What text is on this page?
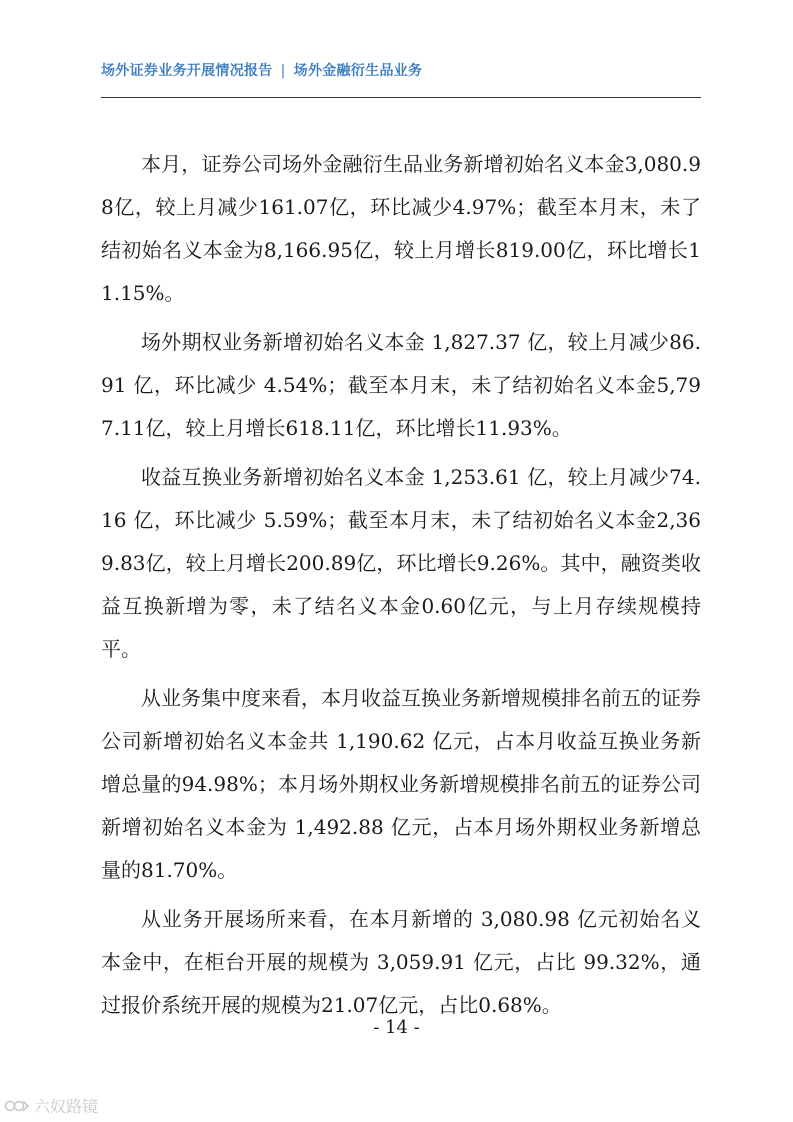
场外证券业务开展情况报告 | 场外金融衍生品业务

本月，证券公司场外金融衍生品业务新增初始名义本金3,080.98亿，较上月减少161.07亿，环比减少4.97%；截至本月末，未了结初始名义本金为8,166.95亿，较上月增长819.00亿，环比增长11.15%。

场外期权业务新增初始名义本金 1,827.37 亿，较上月减少86.91 亿，环比减少 4.54%；截至本月末，未了结初始名义本金5,797.11亿，较上月增长618.11亿，环比增长11.93%。

收益互换业务新增初始名义本金 1,253.61 亿，较上月减少74.16 亿，环比减少 5.59%；截至本月末，未了结初始名义本金2,369.83亿，较上月增长200.89亿，环比增长9.26%。其中，融资类收益互换新增为零，未了结名义本金0.60亿元，与上月存续规模持平。

从业务集中度来看，本月收益互换业务新增规模排名前五的证券公司新增初始名义本金共 1,190.62 亿元，占本月收益互换业务新增总量的94.98%；本月场外期权业务新增规模排名前五的证券公司新增初始名义本金为 1,492.88 亿元，占本月场外期权业务新增总量的81.70%。

从业务开展场所来看，在本月新增的 3,080.98 亿元初始名义本金中，在柜台开展的规模为 3,059.91 亿元，占比 99.32%，通过报价系统开展的规模为21.07亿元，占比0.68%。

- 14 -
六奴路镜
